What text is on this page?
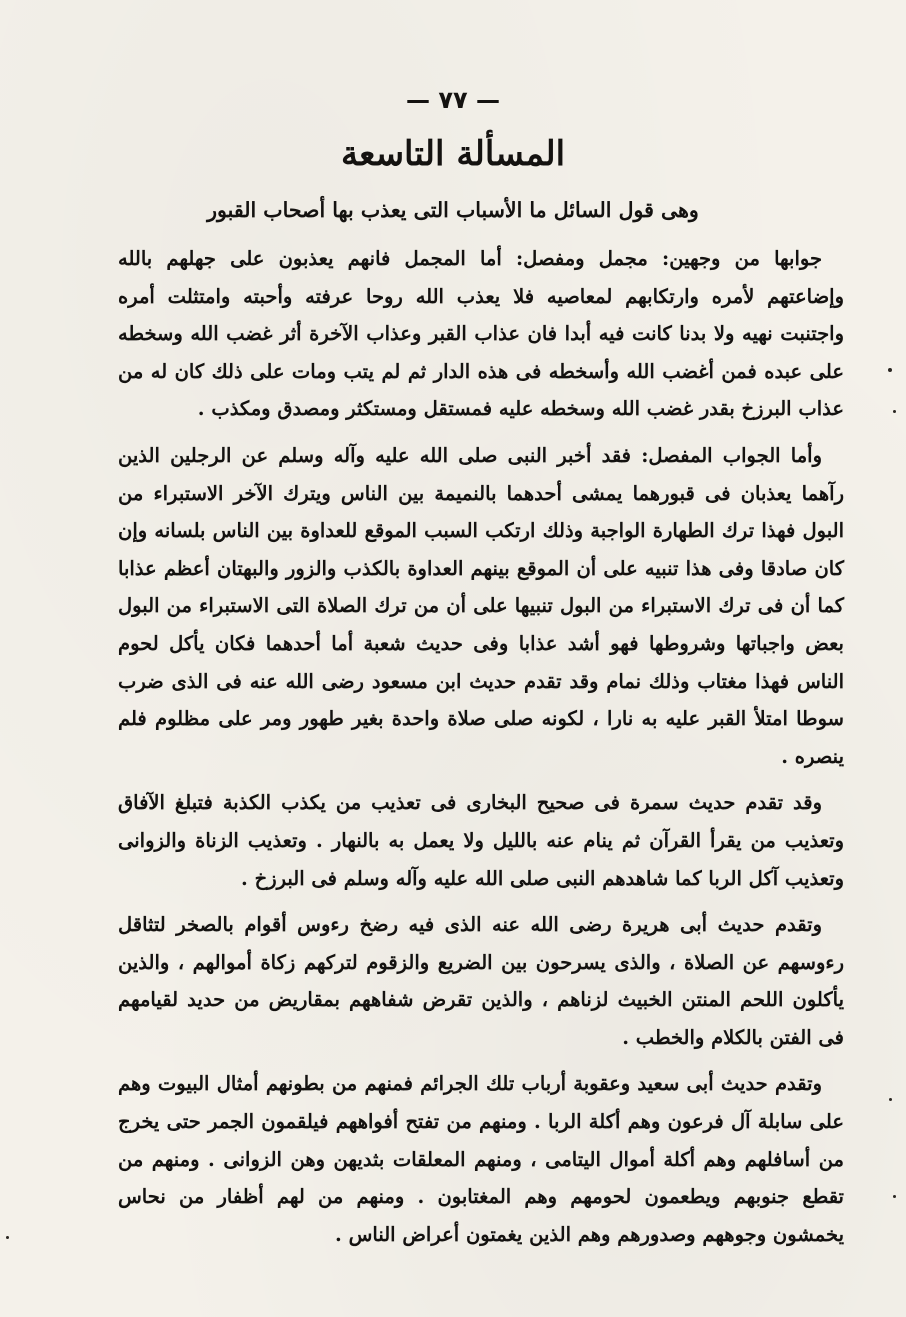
— ٧٧ —
المسألة التاسعة
وهى قول السائل ما الأسباب التى يعذب بها أصحاب القبور

جوابها من وجهين: مجمل ومفصل: أما المجمل فانهم يعذبون على جهلهم بالله وإضاعتهم لأمره وارتكابهم لمعاصيه فلا يعذب الله روحا عرفته وأحبته وامتثلت أمره واجتنبت نهيه ولا بدنا كانت فيه أبدا فان عذاب القبر وعذاب الآخرة أثر غضب الله وسخطه على عبده فمن أغضب الله وأسخطه فى هذه الدار ثم لم يتب ومات على ذلك كان له من عذاب البرزخ بقدر غضب الله وسخطه عليه فمستقل ومستكثر ومصدق ومكذب .

وأما الجواب المفصل: فقد أخبر النبى صلى الله عليه وآله وسلم عن الرجلين الذين رآهما يعذبان فى قبورهما يمشى أحدهما بالنميمة بين الناس ويترك الآخر الاستبراء من البول فهذا ترك الطهارة الواجبة وذلك ارتكب السبب الموقع للعداوة بين الناس بلسانه وإن كان صادقا وفى هذا تنبيه على أن الموقع بينهم العداوة بالكذب والزور والبهتان أعظم عذابا كما أن فى ترك الاستبراء من البول تنبيها على أن من ترك الصلاة التى الاستبراء من البول بعض واجباتها وشروطها فهو أشد عذابا وفى حديث شعبة أما أحدهما فكان يأكل لحوم الناس فهذا مغتاب وذلك نمام وقد تقدم حديث ابن مسعود رضى الله عنه فى الذى ضرب سوطا امتلأ القبر عليه به نارا ، لكونه صلى صلاة واحدة بغير طهور ومر على مظلوم فلم ينصره .

وقد تقدم حديث سمرة فى صحيح البخارى فى تعذيب من يكذب الكذبة فتبلغ الآفاق وتعذيب من يقرأ القرآن ثم ينام عنه بالليل ولا يعمل به بالنهار . وتعذيب الزناة والزوانى وتعذيب آكل الربا كما شاهدهم النبى صلى الله عليه وآله وسلم فى البرزخ .

وتقدم حديث أبى هريرة رضى الله عنه الذى فيه رضخ رءوس أقوام بالصخر لتثاقل رءوسهم عن الصلاة ، والذى يسرحون بين الضريع والزقوم لتركهم زكاة أموالهم ، والذين يأكلون اللحم المنتن الخبيث لزناهم ، والذين تقرض شفاههم بمقاريض من حديد لقيامهم فى الفتن بالكلام والخطب .

وتقدم حديث أبى سعيد وعقوبة أرباب تلك الجرائم فمنهم من بطونهم أمثال البيوت وهم على سابلة آل فرعون وهم أكلة الربا . ومنهم من تفتح أفواههم فيلقمون الجمر حتى يخرج من أسافلهم وهم أكلة أموال اليتامى ، ومنهم المعلقات بثديهن وهن الزوانى . ومنهم من تقطع جنوبهم ويطعمون لحومهم وهم المغتابون . ومنهم من لهم أظفار من نحاس يخمشون وجوههم وصدورهم وهم الذين يغمتون أعراض الناس .
